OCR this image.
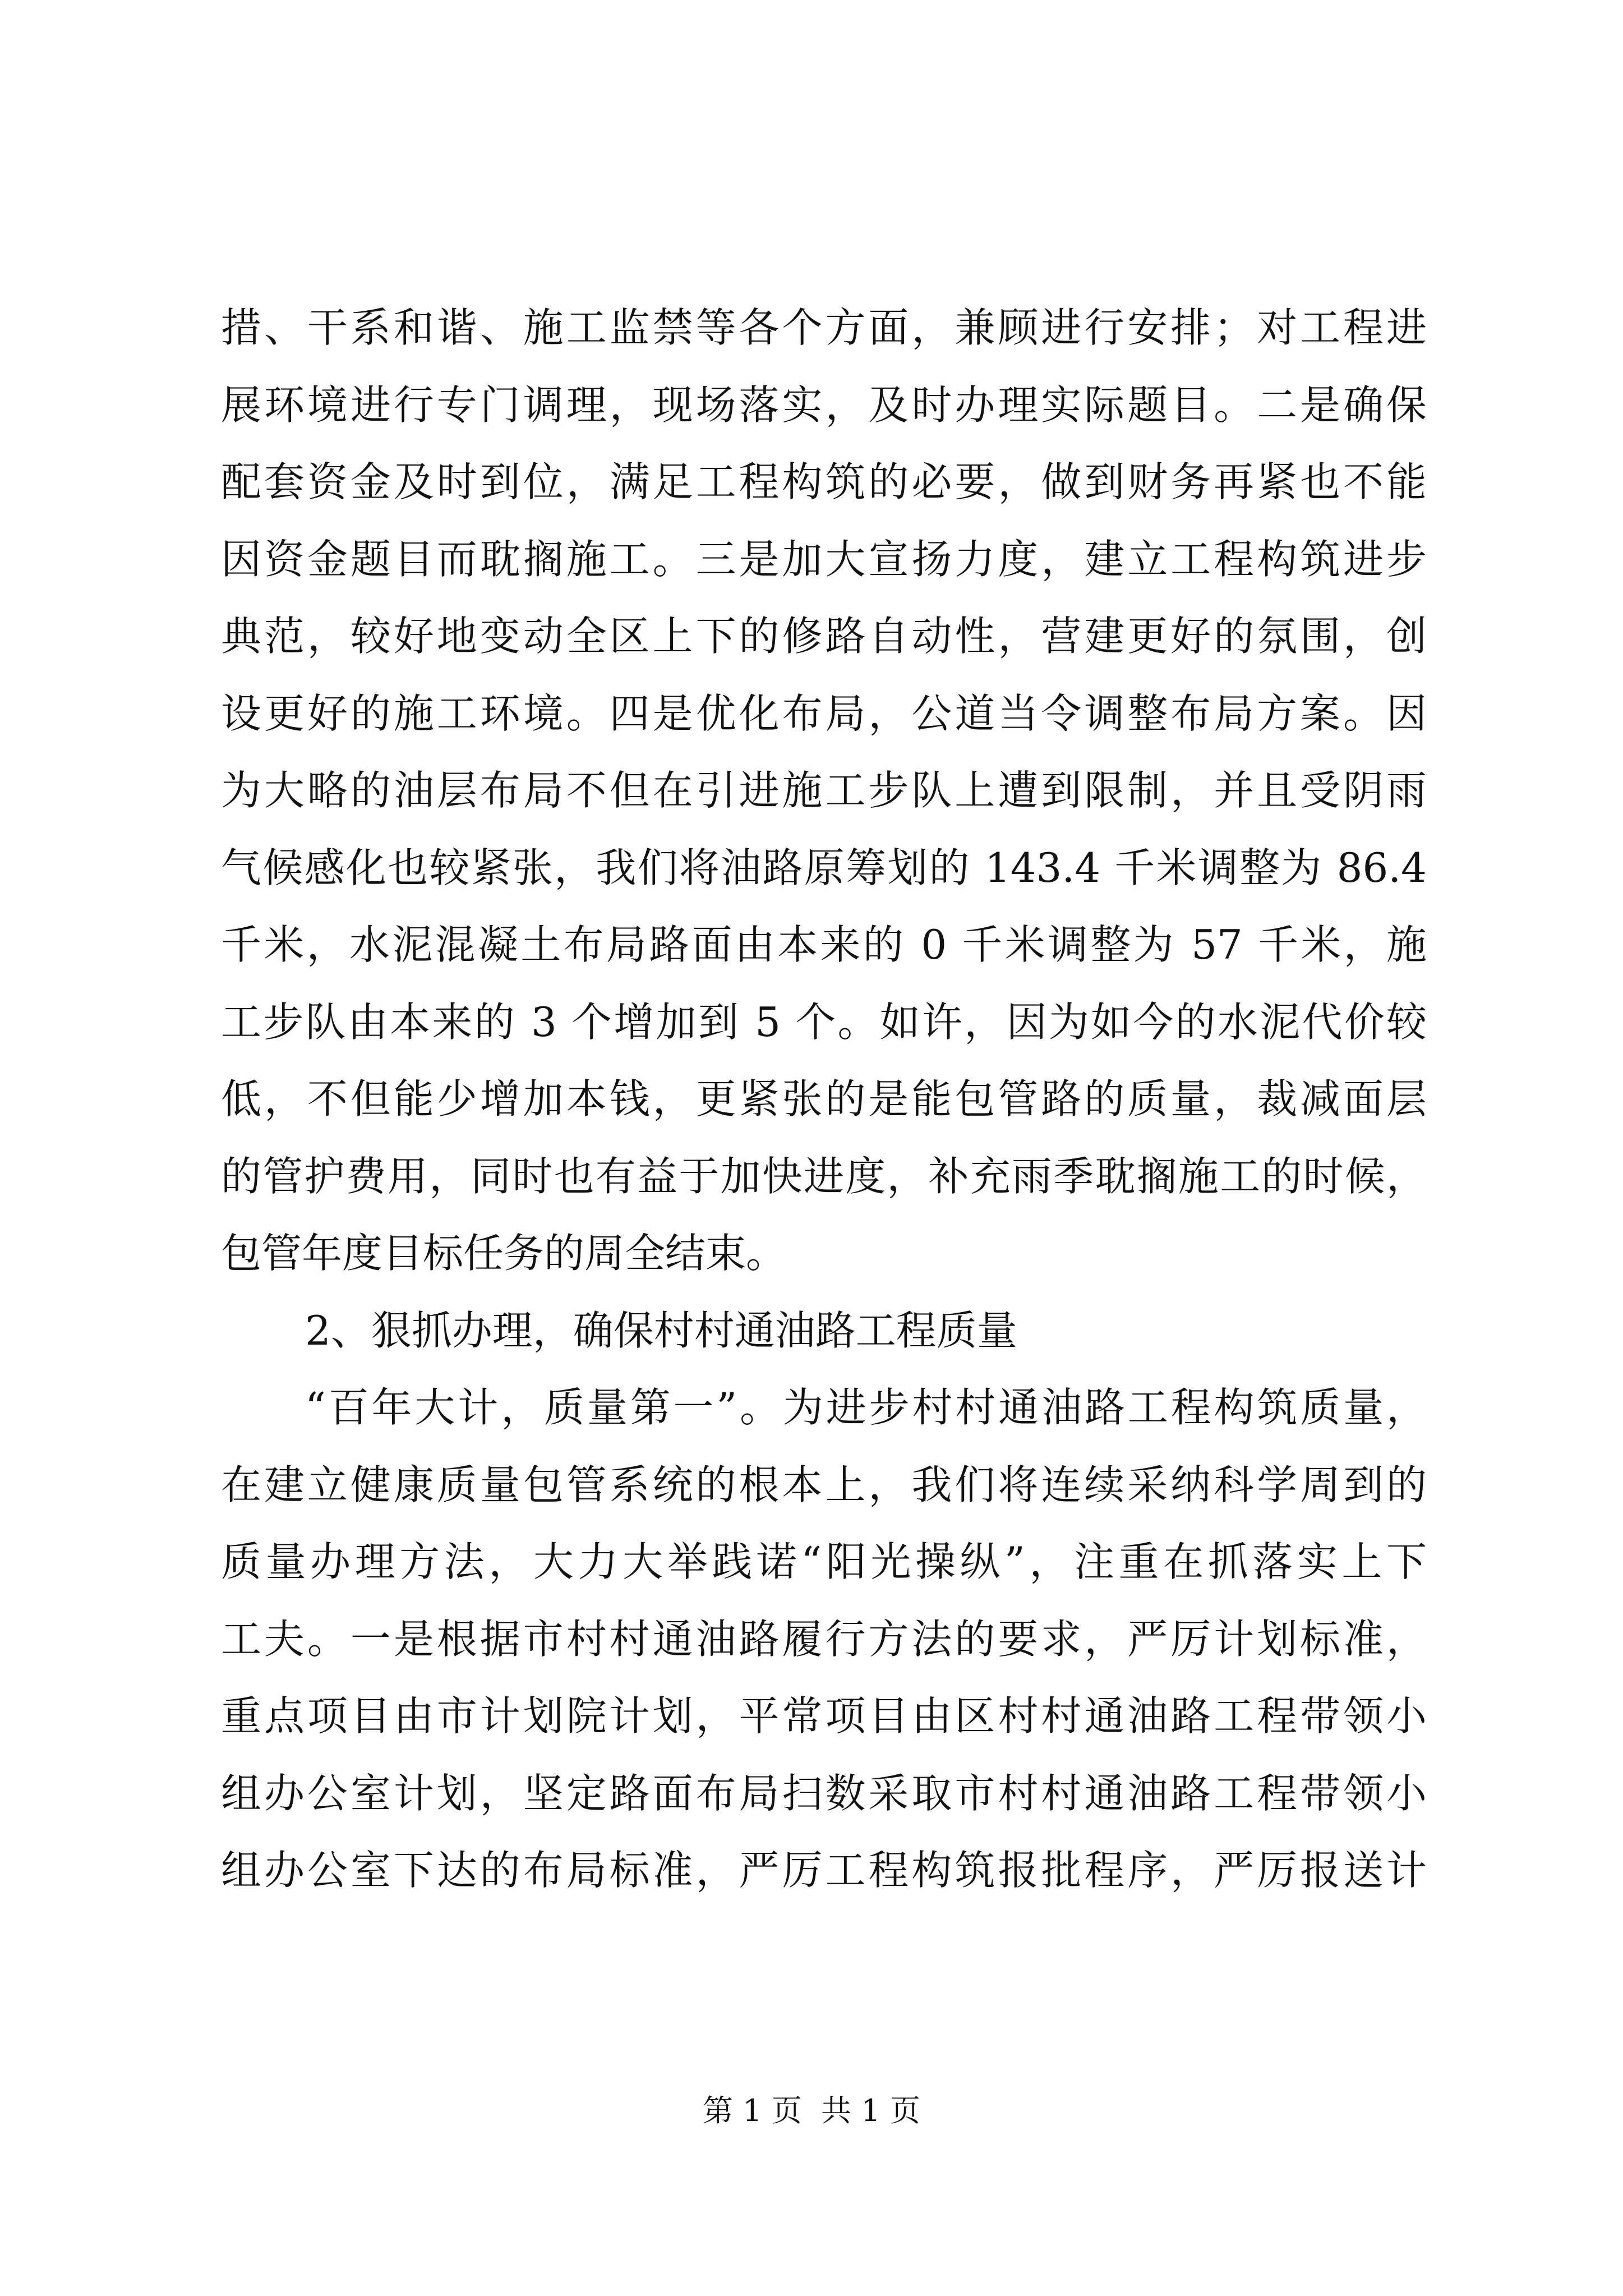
措、干系和谐、施工监禁等各个方面，兼顾进行安排；对工程进
展环境进行专门调理，现场落实，及时办理实际题目。二是确保
配套资金及时到位，满足工程构筑的必要，做到财务再紧也不能
因资金题目而耽搁施工。三是加大宣扬力度，建立工程构筑进步
典范，较好地变动全区上下的修路自动性，营建更好的氛围，创
设更好的施工环境。四是优化布局，公道当令调整布局方案。因
为大略的油层布局不但在引进施工步队上遭到限制，并且受阴雨
气候感化也较紧张，我们将油路原筹划的 143.4 千米调整为 86.4
千米，水泥混凝土布局路面由本来的 0 千米调整为 57 千米，施
工步队由本来的 3 个增加到 5 个。如许，因为如今的水泥代价较
低，不但能少增加本钱，更紧张的是能包管路的质量，裁减面层
的管护费用，同时也有益于加快进度，补充雨季耽搁施工的时候，
包管年度目标任务的周全结束。
2、狠抓办理，确保村村通油路工程质量
“百年大计，质量第一”。为进步村村通油路工程构筑质量，
在建立健康质量包管系统的根本上，我们将连续采纳科学周到的
质量办理方法，大力大举践诺“阳光操纵”，注重在抓落实上下
工夫。一是根据市村村通油路履行方法的要求，严厉计划标准，
重点项目由市计划院计划，平常项目由区村村通油路工程带领小
组办公室计划，坚定路面布局扫数采取市村村通油路工程带领小
组办公室下达的布局标准，严厉工程构筑报批程序，严厉报送计
第 1 页  共 1 页
